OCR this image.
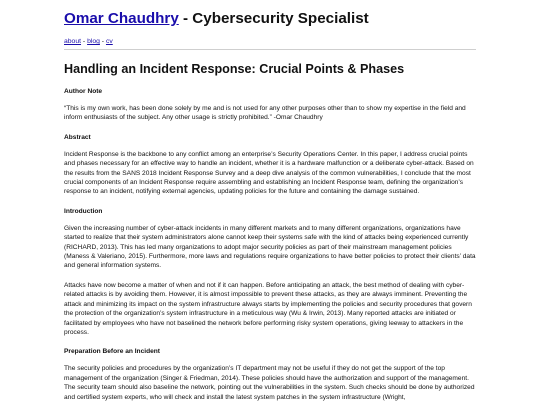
Omar Chaudhry - Cybersecurity Specialist
about - blog - cv
Handling an Incident Response: Crucial Points & Phases
Author Note

“This is my own work, has been done solely by me and is not used for any other purposes other than to show my expertise in the field and inform enthusiasts of the subject. Any other usage is strictly prohibited.” -Omar Chaudhry

Abstract

Incident Response is the backbone to any conflict among an enterprise’s Security Operations Center. In this paper, I address crucial points and phases necessary for an effective way to handle an incident, whether it is a hardware malfunction or a deliberate cyber-attack. Based on the results from the SANS 2018 Incident Response Survey and a deep dive analysis of the common vulnerabilities, I conclude that the most crucial components of an Incident Response require assembling and establishing an Incident Response team, defining the organization’s response to an incident, notifying external agencies, updating policies for the future and containing the damage sustained.

Introduction

Given the increasing number of cyber-attack incidents in many different markets and to many different organizations, organizations have started to realize that their system administrators alone cannot keep their systems safe with the kind of attacks being experienced currently (RICHARD, 2013). This has led many organizations to adopt major security policies as part of their mainstream management policies (Maness & Valeriano, 2015). Furthermore, more laws and regulations require organizations to have better policies to protect their clients’ data and general information systems.

Attacks have now become a matter of when and not if it can happen. Before anticipating an attack, the best method of dealing with cyber-related attacks is by avoiding them. However, it is almost impossible to prevent these attacks, as they are always imminent. Preventing the attack and minimizing its impact on the system infrastructure always starts by implementing the policies and security procedures that govern the protection of the organization’s system infrastructure in a meticulous way (Wu & Irwin, 2013). Many reported attacks are initiated or facilitated by employees who have not baselined the network before performing risky system operations, giving leeway to attackers in the process.

Preparation Before an Incident

The security policies and procedures by the organization’s IT department may not be useful if they do not get the support of the top management of the organization (Singer & Friedman, 2014). These policies should have the authorization and support of the management. The security team should also baseline the network, pointing out the vulnerabilities in the system. Such checks should be done by authorized and certified system experts, who will check and install the latest system patches in the system infrastructure (Wright,
